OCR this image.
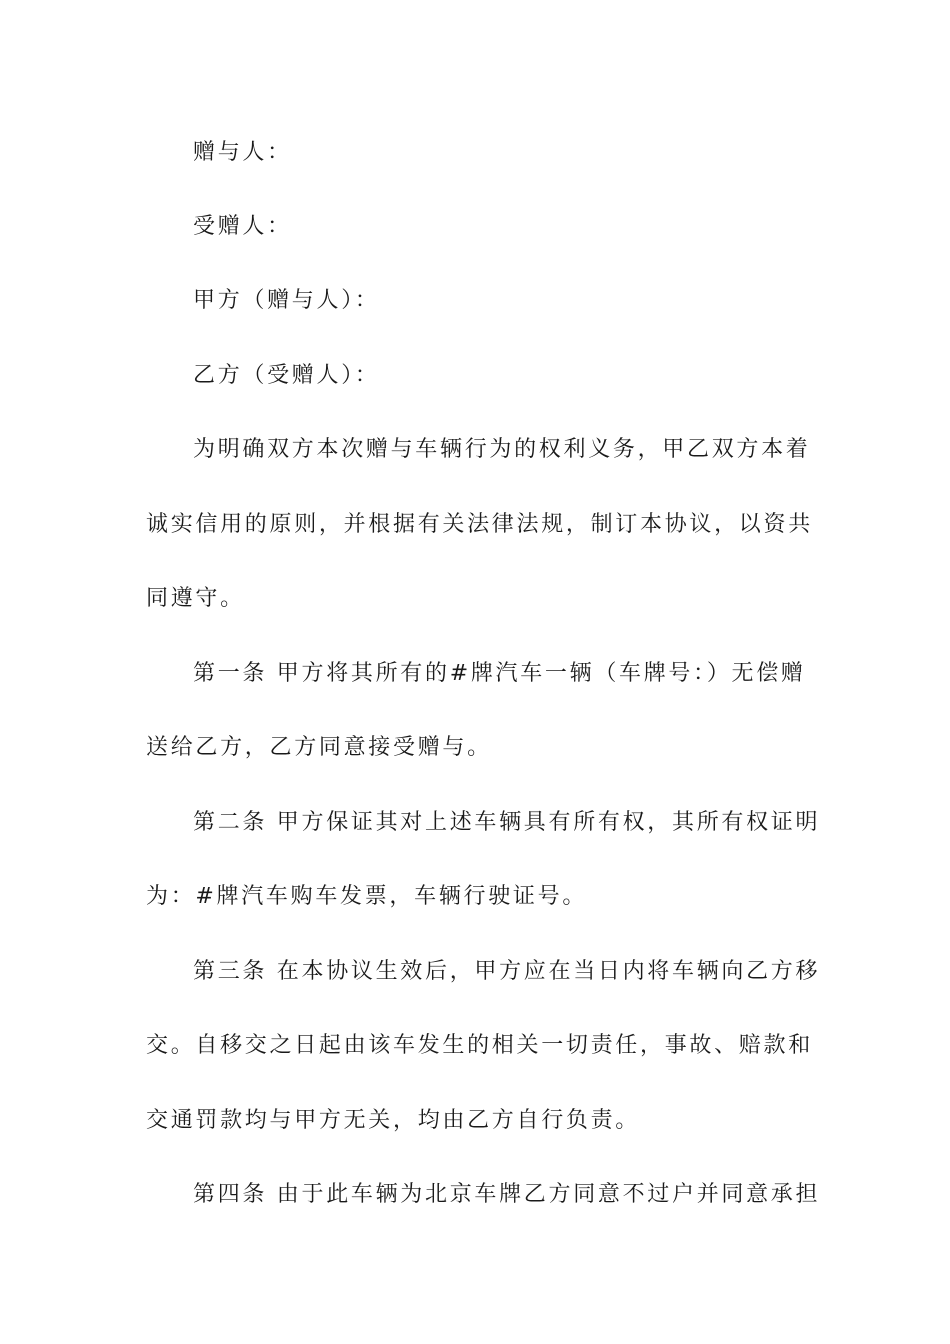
赠与人：
受赠人：
甲方（赠与人）：
乙方（受赠人）：
为明确双方本次赠与车辆行为的权利义务，甲乙双方本着
诚实信用的原则，并根据有关法律法规，制订本协议，以资共
同遵守。
第一条 甲方将其所有的#牌汽车一辆（车牌号：）无偿赠
送给乙方，乙方同意接受赠与。
第二条 甲方保证其对上述车辆具有所有权，其所有权证明
为：#牌汽车购车发票，车辆行驶证号。
第三条 在本协议生效后，甲方应在当日内将车辆向乙方移
交。自移交之日起由该车发生的相关一切责任，事故、赔款和
交通罚款均与甲方无关，均由乙方自行负责。
第四条 由于此车辆为北京车牌乙方同意不过户并同意承担
